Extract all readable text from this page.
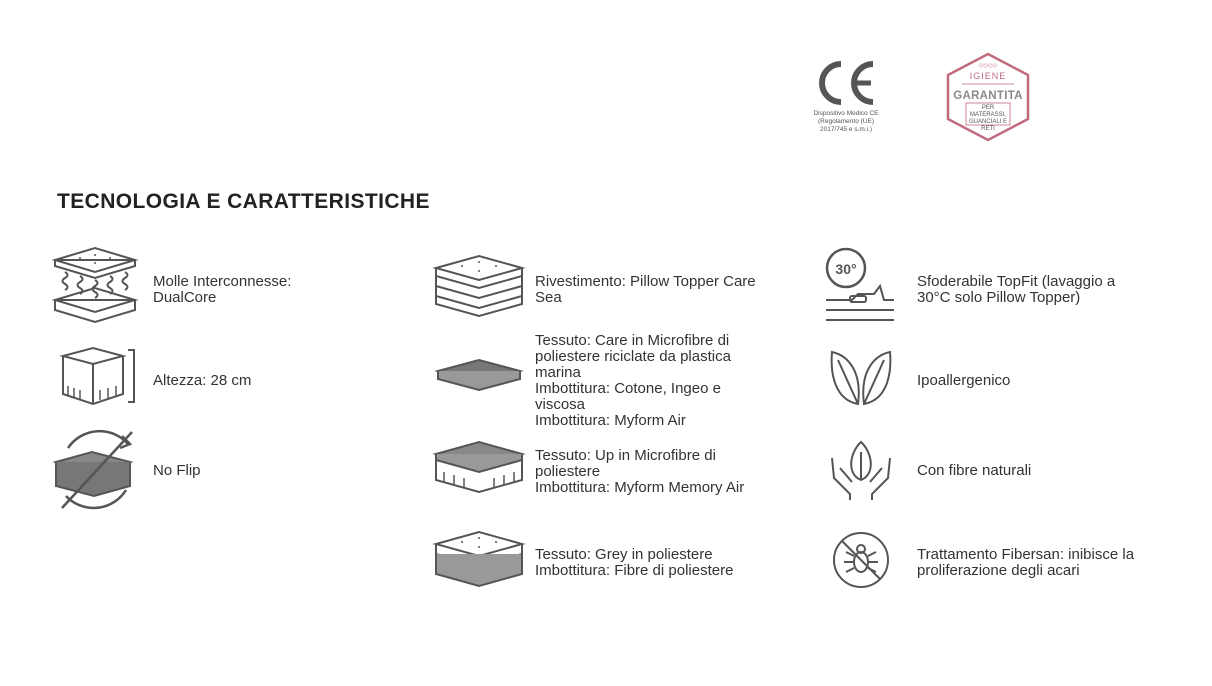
Dispositivo Medico CE
(Regolamento (UE)
2017/745 e s.m.i.)
◇◇◇◇
IGIENE
GARANTITA
PER MATERASSI,
GUANCIALI E
RETI
TECNOLOGIA E CARATTERISTICHE
Molle Interconnesse:
DualCore
Altezza: 28 cm
No Flip
Rivestimento: Pillow Topper Care
Sea
Tessuto: Care in Microfibre di
poliestere riciclate da plastica
marina
Imbottitura: Cotone, Ingeo e
viscosa
Imbottitura: Myform Air
Tessuto: Up in Microfibre di
poliestere
Imbottitura: Myform Memory Air
Tessuto: Grey in poliestere
Imbottitura: Fibre di poliestere
30°
Sfoderabile TopFit (lavaggio a
30°C solo Pillow Topper)
Ipoallergenico
Con fibre naturali
Trattamento Fibersan: inibisce la
proliferazione degli acari
